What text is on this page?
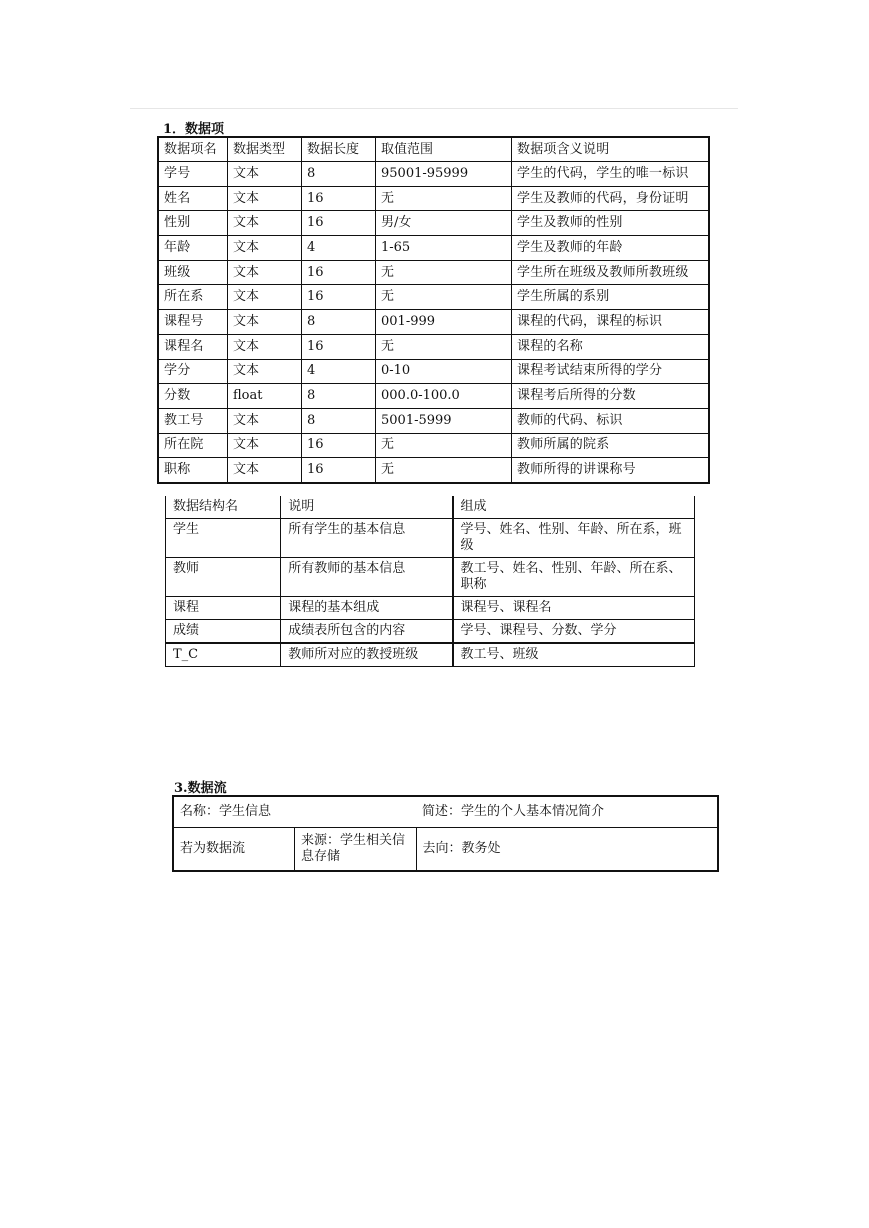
1．数据项
数据项名	数据类型	数据长度	取值范围	数据项含义说明
学号	文本	8	95001-95999	学生的代码，学生的唯一标识
姓名	文本	16	无	学生及教师的代码，身份证明
性别	文本	16	男/女	学生及教师的性别
年龄	文本	4	1-65	学生及教师的年龄
班级	文本	16	无	学生所在班级及教师所教班级
所在系	文本	16	无	学生所属的系别
课程号	文本	8	001-999	课程的代码，课程的标识
课程名	文本	16	无	课程的名称
学分	文本	4	0-10	课程考试结束所得的学分
分数	float	8	000.0-100.0	课程考后所得的分数
教工号	文本	8	5001-5999	教师的代码、标识
所在院	文本	16	无	教师所属的院系
职称	文本	16	无	教师所得的讲课称号
数据结构名	说明	组成
学生	所有学生的基本信息	学号、姓名、性别、年龄、所在系，班级
教师	所有教师的基本信息	教工号、姓名、性别、年龄、所在系、职称
课程	课程的基本组成	课程号、课程名
成绩	成绩表所包含的内容	学号、课程号、分数、学分
T_C	教师所对应的教授班级	教工号、班级
3.数据流
名称：学生信息		简述：学生的个人基本情况简介
若为数据流	来源：学生相关信息存储	去向：教务处
